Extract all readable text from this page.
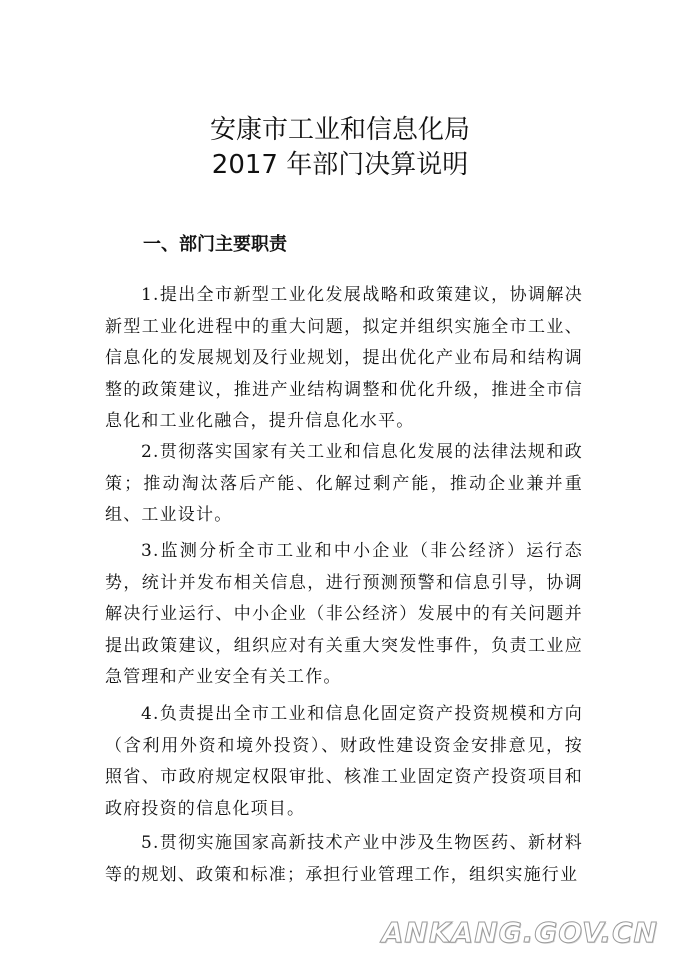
安康市工业和信息化局
2017 年部门决算说明
一、部门主要职责

1.提出全市新型工业化发展战略和政策建议，协调解决新型工业化进程中的重大问题，拟定并组织实施全市工业、信息化的发展规划及行业规划，提出优化产业布局和结构调整的政策建议，推进产业结构调整和优化升级，推进全市信息化和工业化融合，提升信息化水平。

2.贯彻落实国家有关工业和信息化发展的法律法规和政策；推动淘汰落后产能、化解过剩产能，推动企业兼并重组、工业设计。

3.监测分析全市工业和中小企业（非公经济）运行态势，统计并发布相关信息，进行预测预警和信息引导，协调解决行业运行、中小企业（非公经济）发展中的有关问题并提出政策建议，组织应对有关重大突发性事件，负责工业应急管理和产业安全有关工作。

4.负责提出全市工业和信息化固定资产投资规模和方向（含利用外资和境外投资）、财政性建设资金安排意见，按照省、市政府规定权限审批、核准工业固定资产投资项目和政府投资的信息化项目。

5.贯彻实施国家高新技术产业中涉及生物医药、新材料等的规划、政策和标准；承担行业管理工作，组织实施行业

ANKANG.GOV.CN
